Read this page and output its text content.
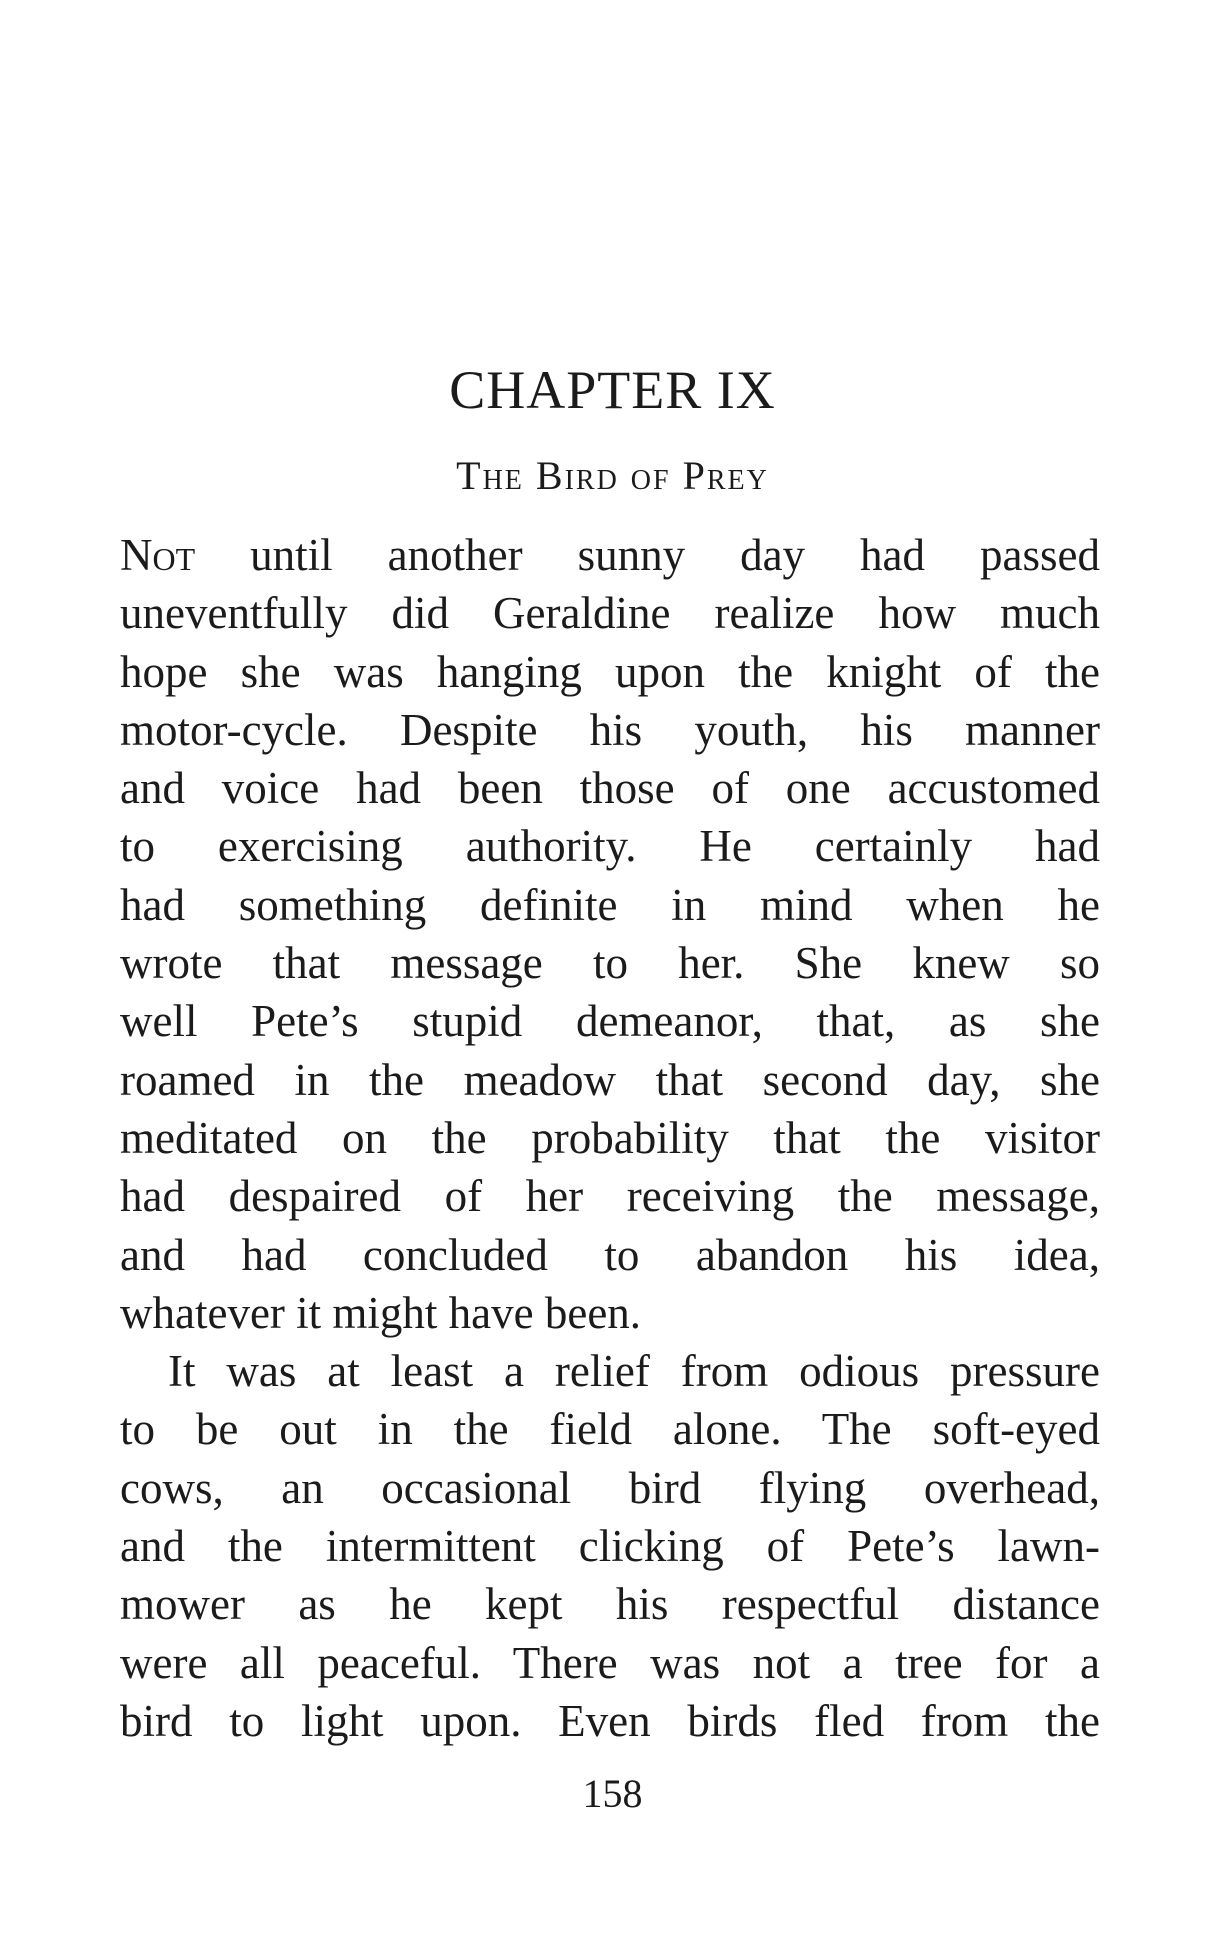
CHAPTER IX
The Bird of Prey
Not until another sunny day had passed
uneventfully did Geraldine realize how much
hope she was hanging upon the knight of the
motor-cycle. Despite his youth, his manner
and voice had been those of one accustomed
to exercising authority. He certainly had
had something definite in mind when he
wrote that message to her. She knew so
well Pete’s stupid demeanor, that, as she
roamed in the meadow that second day, she
meditated on the probability that the visitor
had despaired of her receiving the message,
and had concluded to abandon his idea,
whatever it might have been.
It was at least a relief from odious pressure
to be out in the field alone. The soft-eyed
cows, an occasional bird flying overhead,
and the intermittent clicking of Pete’s lawn-
mower as he kept his respectful distance
were all peaceful. There was not a tree for a
bird to light upon. Even birds fled from the
158
